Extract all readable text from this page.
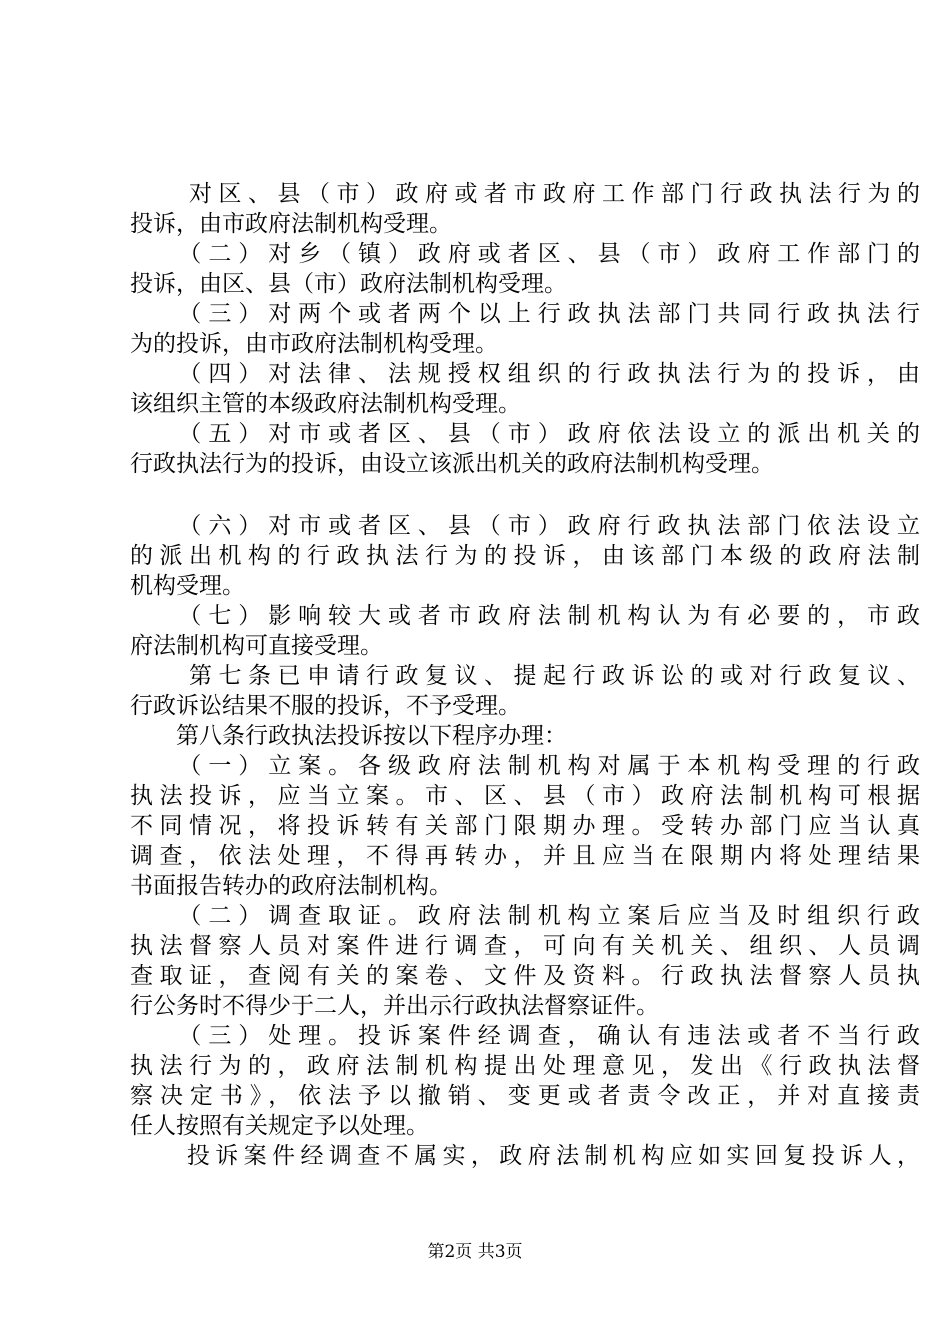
　　对区、县（市）政府或者市政府工作部门行政执法行为的
投诉，由市政府法制机构受理。
　　（二）对乡（镇）政府或者区、县（市）政府工作部门的
投诉，由区、县（市）政府法制机构受理。
　　（三）对两个或者两个以上行政执法部门共同行政执法行
为的投诉，由市政府法制机构受理。
　　（四）对法律、法规授权组织的行政执法行为的投诉，由
该组织主管的本级政府法制机构受理。
　　（五）对市或者区、县（市）政府依法设立的派出机关的
行政执法行为的投诉，由设立该派出机关的政府法制机构受理。
　　（六）对市或者区、县（市）政府行政执法部门依法设立
的派出机构的行政执法行为的投诉，由该部门本级的政府法制
机构受理。
　　（七）影响较大或者市政府法制机构认为有必要的，市政
府法制机构可直接受理。
　　第七条已申请行政复议、提起行政诉讼的或对行政复议、
行政诉讼结果不服的投诉，不予受理。
　　第八条行政执法投诉按以下程序办理：
　　（一）立案。各级政府法制机构对属于本机构受理的行政
执法投诉，应当立案。市、区、县（市）政府法制机构可根据
不同情况，将投诉转有关部门限期办理。受转办部门应当认真
调查，依法处理，不得再转办，并且应当在限期内将处理结果
书面报告转办的政府法制机构。
　　（二）调查取证。政府法制机构立案后应当及时组织行政
执法督察人员对案件进行调查，可向有关机关、组织、人员调
查取证，查阅有关的案卷、文件及资料。行政执法督察人员执
行公务时不得少于二人，并出示行政执法督察证件。
　　（三）处理。投诉案件经调查，确认有违法或者不当行政
执法行为的，政府法制机构提出处理意见，发出《行政执法督
察决定书》，依法予以撤销、变更或者责令改正，并对直接责
任人按照有关规定予以处理。
　　投诉案件经调查不属实，政府法制机构应如实回复投诉人，
第2页 共3页
